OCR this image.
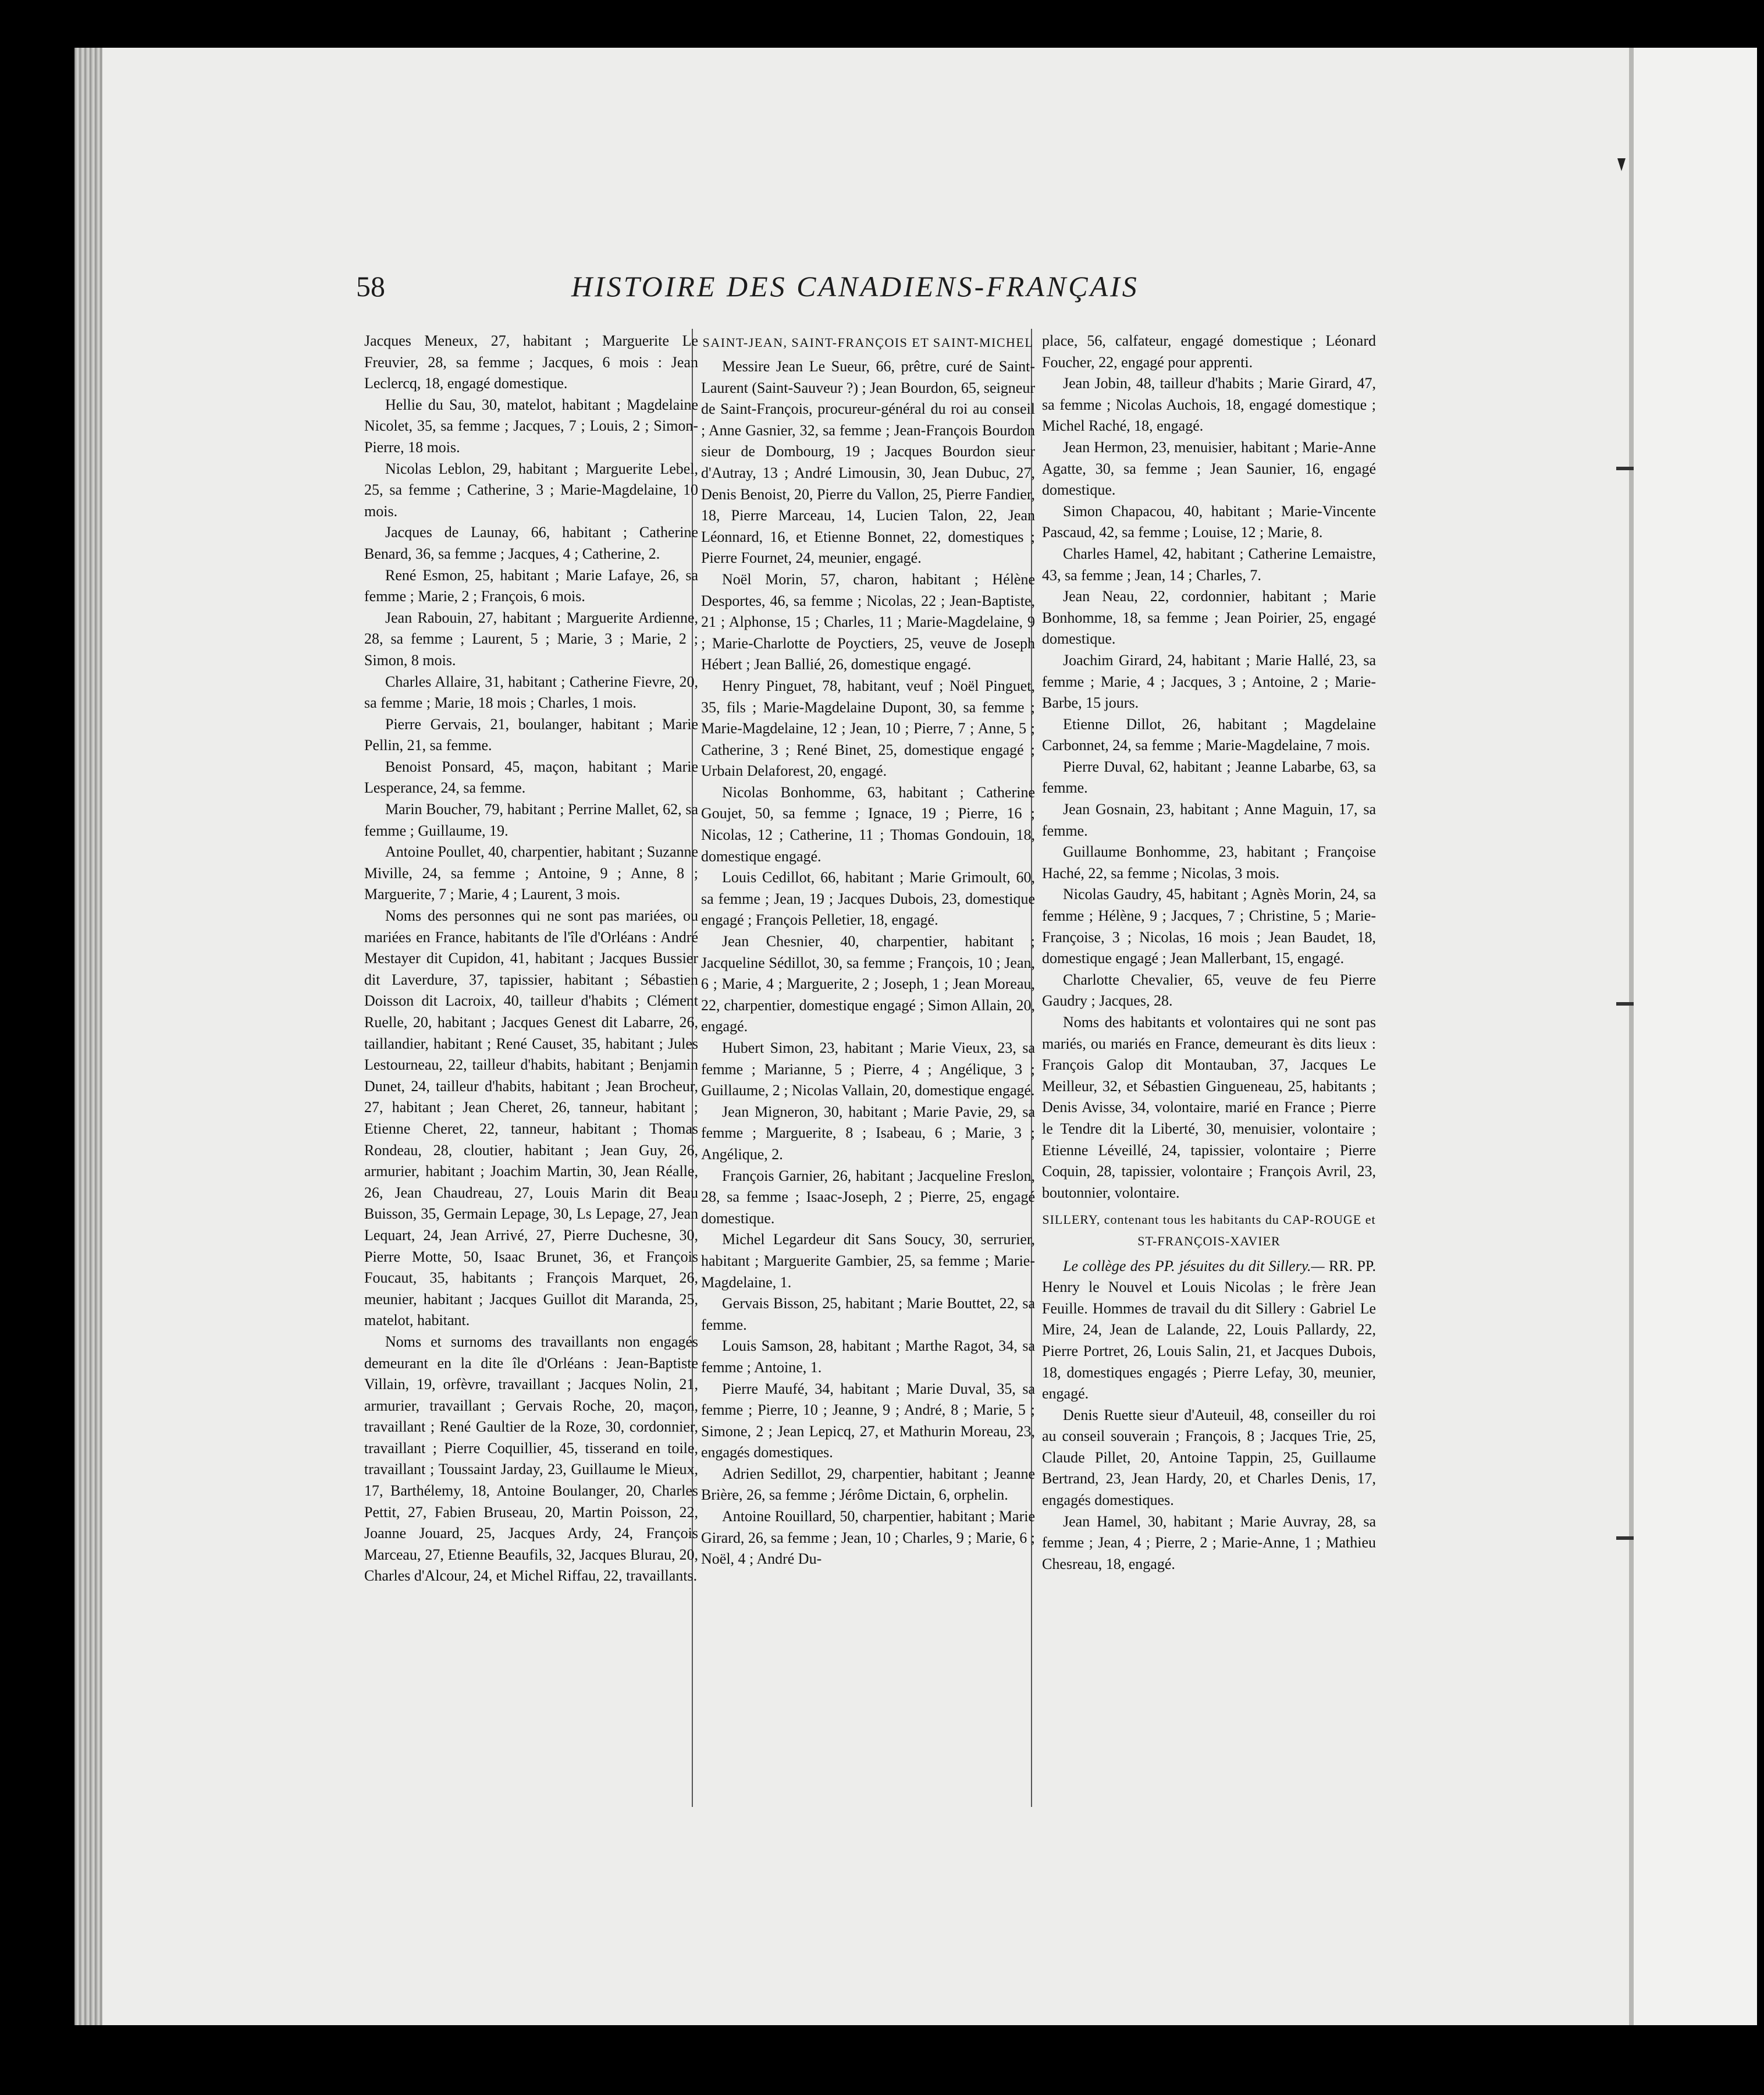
58	HISTOIRE DES CANADIENS-FRANÇAIS

Jacques Meneux, 27, habitant ; Marguerite Le Freuvier, 28, sa femme ; Jacques, 6 mois : Jean Leclercq, 18, engagé domestique.

Hellie du Sau, 30, matelot, habitant ; Magdelaine Nicolet, 35, sa femme ; Jacques, 7 ; Louis, 2 ; Simon-Pierre, 18 mois.

Nicolas Leblon, 29, habitant ; Marguerite Lebel, 25, sa femme ; Catherine, 3 ; Marie-Magdelaine, 10 mois.

Jacques de Launay, 66, habitant ; Catherine Benard, 36, sa femme ; Jacques, 4 ; Catherine, 2.

René Esmon, 25, habitant ; Marie Lafaye, 26, sa femme ; Marie, 2 ; François, 6 mois.

Jean Rabouin, 27, habitant ; Marguerite Ardienne, 28, sa femme ; Laurent, 5 ; Marie, 3 ; Marie, 2 ; Simon, 8 mois.

Charles Allaire, 31, habitant ; Catherine Fievre, 20, sa femme ; Marie, 18 mois ; Charles, 1 mois.

Pierre Gervais, 21, boulanger, habitant ; Marie Pellin, 21, sa femme.

Benoist Ponsard, 45, maçon, habitant ; Marie Lesperance, 24, sa femme.

Marin Boucher, 79, habitant ; Perrine Mallet, 62, sa femme ; Guillaume, 19.

Antoine Poullet, 40, charpentier, habitant ; Suzanne Miville, 24, sa femme ; Antoine, 9 ; Anne, 8 ; Marguerite, 7 ; Marie, 4 ; Laurent, 3 mois.

Noms des personnes qui ne sont pas mariées, ou mariées en France, habitants de l'île d'Orléans : André Mestayer dit Cupidon, 41, habitant ; Jacques Bussier dit Laverdure, 37, tapissier, habitant ; Sébastien Doisson dit Lacroix, 40, tailleur d'habits ; Clément Ruelle, 20, habitant ; Jacques Genest dit Labarre, 26, taillandier, habitant ; René Causet, 35, habitant ; Jules Lestourneau, 22, tailleur d'habits, habitant ; Benjamin Dunet, 24, tailleur d'habits, habitant ; Jean Brocheur, 27, habitant ; Jean Cheret, 26, tanneur, habitant ; Etienne Cheret, 22, tanneur, habitant ; Thomas Rondeau, 28, cloutier, habitant ; Jean Guy, 26, armurier, habitant ; Joachim Martin, 30, Jean Réalle, 26, Jean Chaudreau, 27, Louis Marin dit Beau Buisson, 35, Germain Lepage, 30, Ls Lepage, 27, Jean Lequart, 24, Jean Arrivé, 27, Pierre Duchesne, 30, Pierre Motte, 50, Isaac Brunet, 36, et François Foucaut, 35, habitants ; François Marquet, 26, meunier, habitant ; Jacques Guillot dit Maranda, 25, matelot, habitant.

Noms et surnoms des travaillants non engagés demeurant en la dite île d'Orléans : Jean-Baptiste Villain, 19, orfèvre, travaillant ; Jacques Nolin, 21, armurier, travaillant ; Gervais Roche, 20, maçon, travaillant ; René Gaultier de la Roze, 30, cordonnier, travaillant ; Pierre Coquillier, 45, tisserand en toile, travaillant ; Toussaint Jarday, 23, Guillaume le Mieux, 17, Barthélemy, 18, Antoine Boulanger, 20, Charles Pettit, 27, Fabien Bruseau, 20, Martin Poisson, 22, Joanne Jouard, 25, Jacques Ardy, 24, François Marceau, 27, Etienne Beaufils, 32, Jacques Blurau, 20, Charles d'Alcour, 24, et Michel Riffau, 22, travaillants.

SAINT-JEAN, SAINT-FRANÇOIS ET SAINT-MICHEL

Messire Jean Le Sueur, 66, prêtre, curé de Saint-Laurent (Saint-Sauveur ?) ; Jean Bourdon, 65, seigneur de Saint-François, procureur-général du roi au conseil ; Anne Gasnier, 32, sa femme ; Jean-François Bourdon sieur de Dombourg, 19 ; Jacques Bourdon sieur d'Autray, 13 ; André Limousin, 30, Jean Dubuc, 27, Denis Benoist, 20, Pierre du Vallon, 25, Pierre Fandier, 18, Pierre Marceau, 14, Lucien Talon, 22, Jean Léonnard, 16, et Etienne Bonnet, 22, domestiques ; Pierre Fournet, 24, meunier, engagé.

Noël Morin, 57, charon, habitant ; Hélène Desportes, 46, sa femme ; Nicolas, 22 ; Jean-Baptiste, 21 ; Alphonse, 15 ; Charles, 11 ; Marie-Magdelaine, 9 ; Marie-Charlotte de Poyctiers, 25, veuve de Joseph Hébert ; Jean Ballié, 26, domestique engagé.

Henry Pinguet, 78, habitant, veuf ; Noël Pinguet, 35, fils ; Marie-Magdelaine Dupont, 30, sa femme ; Marie-Magdelaine, 12 ; Jean, 10 ; Pierre, 7 ; Anne, 5 ; Catherine, 3 ; René Binet, 25, domestique engagé ; Urbain Delaforest, 20, engagé.

Nicolas Bonhomme, 63, habitant ; Catherine Goujet, 50, sa femme ; Ignace, 19 ; Pierre, 16 ; Nicolas, 12 ; Catherine, 11 ; Thomas Gondouin, 18, domestique engagé.

Louis Cedillot, 66, habitant ; Marie Grimoult, 60, sa femme ; Jean, 19 ; Jacques Dubois, 23, domestique engagé ; François Pelletier, 18, engagé.

Jean Chesnier, 40, charpentier, habitant ; Jacqueline Sédillot, 30, sa femme ; François, 10 ; Jean, 6 ; Marie, 4 ; Marguerite, 2 ; Joseph, 1 ; Jean Moreau, 22, charpentier, domestique engagé ; Simon Allain, 20, engagé.

Hubert Simon, 23, habitant ; Marie Vieux, 23, sa femme ; Marianne, 5 ; Pierre, 4 ; Angélique, 3 ; Guillaume, 2 ; Nicolas Vallain, 20, domestique engagé.

Jean Migneron, 30, habitant ; Marie Pavie, 29, sa femme ; Marguerite, 8 ; Isabeau, 6 ; Marie, 3 ; Angélique, 2.

François Garnier, 26, habitant ; Jacqueline Freslon, 28, sa femme ; Isaac-Joseph, 2 ; Pierre, 25, engagé domestique.

Michel Legardeur dit Sans Soucy, 30, serrurier, habitant ; Marguerite Gambier, 25, sa femme ; Marie-Magdelaine, 1.

Gervais Bisson, 25, habitant ; Marie Bouttet, 22, sa femme.

Louis Samson, 28, habitant ; Marthe Ragot, 34, sa femme ; Antoine, 1.

Pierre Maufé, 34, habitant ; Marie Duval, 35, sa femme ; Pierre, 10 ; Jeanne, 9 ; André, 8 ; Marie, 5 ; Simone, 2 ; Jean Lepicq, 27, et Mathurin Moreau, 23, engagés domestiques.

Adrien Sedillot, 29, charpentier, habitant ; Jeanne Brière, 26, sa femme ; Jérôme Dictain, 6, orphelin.

Antoine Rouillard, 50, charpentier, habitant ; Marie Girard, 26, sa femme ; Jean, 10 ; Charles, 9 ; Marie, 6 ; Noël, 4 ; André Du-

place, 56, calfateur, engagé domestique ; Léonard Foucher, 22, engagé pour apprenti.

Jean Jobin, 48, tailleur d'habits ; Marie Girard, 47, sa femme ; Nicolas Auchois, 18, engagé domestique ; Michel Raché, 18, engagé.

Jean Hermon, 23, menuisier, habitant ; Marie-Anne Agatte, 30, sa femme ; Jean Saunier, 16, engagé domestique.

Simon Chapacou, 40, habitant ; Marie-Vincente Pascaud, 42, sa femme ; Louise, 12 ; Marie, 8.

Charles Hamel, 42, habitant ; Catherine Lemaistre, 43, sa femme ; Jean, 14 ; Charles, 7.

Jean Neau, 22, cordonnier, habitant ; Marie Bonhomme, 18, sa femme ; Jean Poirier, 25, engagé domestique.

Joachim Girard, 24, habitant ; Marie Hallé, 23, sa femme ; Marie, 4 ; Jacques, 3 ; Antoine, 2 ; Marie-Barbe, 15 jours.

Etienne Dillot, 26, habitant ; Magdelaine Carbonnet, 24, sa femme ; Marie-Magdelaine, 7 mois.

Pierre Duval, 62, habitant ; Jeanne Labarbe, 63, sa femme.

Jean Gosnain, 23, habitant ; Anne Maguin, 17, sa femme.

Guillaume Bonhomme, 23, habitant ; Françoise Haché, 22, sa femme ; Nicolas, 3 mois.

Nicolas Gaudry, 45, habitant ; Agnès Morin, 24, sa femme ; Hélène, 9 ; Jacques, 7 ; Christine, 5 ; Marie-Françoise, 3 ; Nicolas, 16 mois ; Jean Baudet, 18, domestique engagé ; Jean Mallerbant, 15, engagé.

Charlotte Chevalier, 65, veuve de feu Pierre Gaudry ; Jacques, 28.

Noms des habitants et volontaires qui ne sont pas mariés, ou mariés en France, demeurant ès dits lieux : François Galop dit Montauban, 37, Jacques Le Meilleur, 32, et Sébastien Gingueneau, 25, habitants ; Denis Avisse, 34, volontaire, marié en France ; Pierre le Tendre dit la Liberté, 30, menuisier, volontaire ; Etienne Léveillé, 24, tapissier, volontaire ; Pierre Coquin, 28, tapissier, volontaire ; François Avril, 23, boutonnier, volontaire.

SILLERY, contenant tous les habitants du CAP-ROUGE et ST-FRANÇOIS-XAVIER

Le collège des PP. jésuites du dit Sillery.— RR. PP. Henry le Nouvel et Louis Nicolas ; le frère Jean Feuille. Hommes de travail du dit Sillery : Gabriel Le Mire, 24, Jean de Lalande, 22, Louis Pallardy, 22, Pierre Portret, 26, Louis Salin, 21, et Jacques Dubois, 18, domestiques engagés ; Pierre Lefay, 30, meunier, engagé.

Denis Ruette sieur d'Auteuil, 48, conseiller du roi au conseil souverain ; François, 8 ; Jacques Trie, 25, Claude Pillet, 20, Antoine Tappin, 25, Guillaume Bertrand, 23, Jean Hardy, 20, et Charles Denis, 17, engagés domestiques.

Jean Hamel, 30, habitant ; Marie Auvray, 28, sa femme ; Jean, 4 ; Pierre, 2 ; Marie-Anne, 1 ; Mathieu Chesreau, 18, engagé.
